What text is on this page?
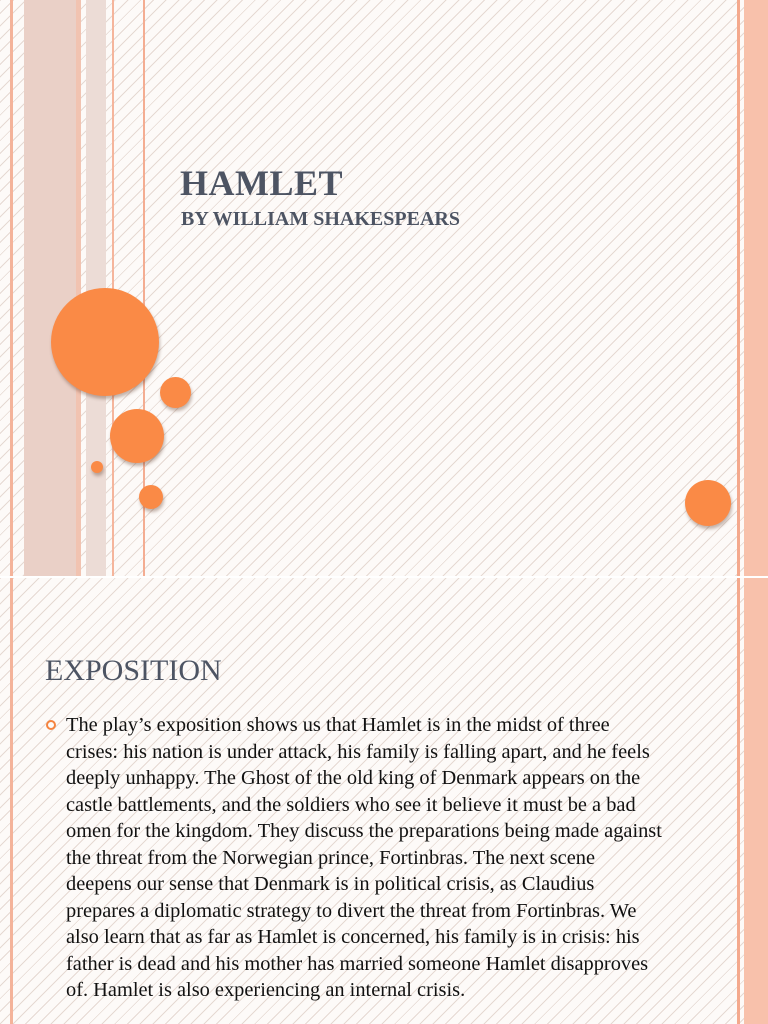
HAMLET
BY WILLIAM SHAKESPEARS
EXPOSITION
The play’s exposition shows us that Hamlet is in the midst of three crises: his nation is under attack, his family is falling apart, and he feels deeply unhappy. The Ghost of the old king of Denmark appears on the castle battlements, and the soldiers who see it believe it must be a bad omen for the kingdom. They discuss the preparations being made against the threat from the Norwegian prince, Fortinbras. The next scene deepens our sense that Denmark is in political crisis, as Claudius prepares a diplomatic strategy to divert the threat from Fortinbras. We also learn that as far as Hamlet is concerned, his family is in crisis: his father is dead and his mother has married someone Hamlet disapproves of. Hamlet is also experiencing an internal crisis.
